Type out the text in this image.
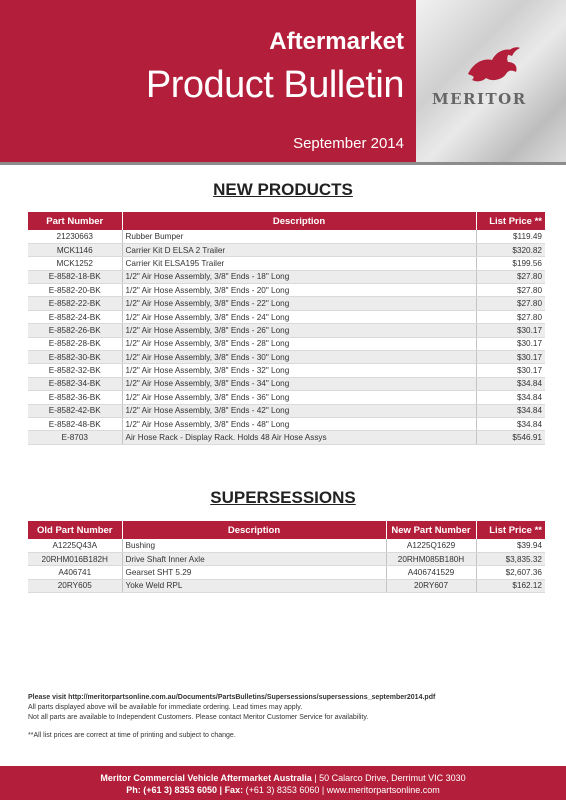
Aftermarket
Product Bulletin
September 2014
MERITOR
NEW PRODUCTS
Part Number	Description	List Price **
21230663	Rubber Bumper	$119.49
MCK1146	Carrier Kit D ELSA 2 Trailer	$320.82
MCK1252	Carrier Kit ELSA195 Trailer	$199.56
E-8582-18-BK	1/2" Air Hose Assembly, 3/8" Ends - 18" Long	$27.80
E-8582-20-BK	1/2" Air Hose Assembly, 3/8" Ends - 20" Long	$27.80
E-8582-22-BK	1/2" Air Hose Assembly, 3/8" Ends - 22" Long	$27.80
E-8582-24-BK	1/2" Air Hose Assembly, 3/8" Ends - 24" Long	$27.80
E-8582-26-BK	1/2" Air Hose Assembly, 3/8" Ends - 26" Long	$30.17
E-8582-28-BK	1/2" Air Hose Assembly, 3/8" Ends - 28" Long	$30.17
E-8582-30-BK	1/2" Air Hose Assembly, 3/8" Ends - 30" Long	$30.17
E-8582-32-BK	1/2" Air Hose Assembly, 3/8" Ends - 32" Long	$30.17
E-8582-34-BK	1/2" Air Hose Assembly, 3/8" Ends - 34" Long	$34.84
E-8582-36-BK	1/2" Air Hose Assembly, 3/8" Ends - 36" Long	$34.84
E-8582-42-BK	1/2" Air Hose Assembly, 3/8" Ends - 42" Long	$34.84
E-8582-48-BK	1/2" Air Hose Assembly, 3/8" Ends - 48" Long	$34.84
E-8703	Air Hose Rack - Display Rack. Holds 48 Air Hose Assys	$546.91
SUPERSESSIONS
Old Part Number	Description	New Part Number	List Price **
A1225Q43A	Bushing	A1225Q1629	$39.94
20RHM016B182H	Drive Shaft Inner Axle	20RHM085B180H	$3,835.32
A406741	Gearset SHT 5.29	A406741529	$2,607.36
20RY605	Yoke Weld RPL	20RY607	$162.12
Please visit http://meritorpartsonline.com.au/Documents/PartsBulletins/Supersessions/supersessions_september2014.pdf
All parts displayed above will be available for immediate ordering. Lead times may apply.
Not all parts are available to Independent Customers. Please contact Meritor Customer Service for availability.
**All list prices are correct at time of printing and subject to change.
Meritor Commercial Vehicle Aftermarket Australia | 50 Calarco Drive, Derrimut VIC 3030
Ph: (+61 3) 8353 6050 | Fax: (+61 3) 8353 6060 | www.meritorpartsonline.com
